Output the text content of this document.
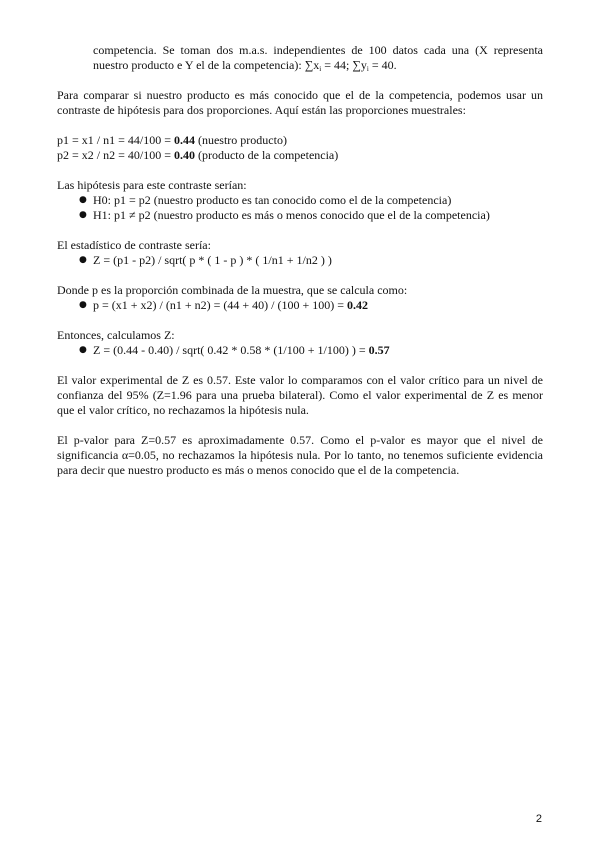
competencia. Se toman dos m.a.s. independientes de 100 datos cada una (X representa nuestro producto e Y el de la competencia): $\sum x_i = 44$; $\sum y_i = 40$.

Para comparar si nuestro producto es más conocido que el de la competencia, podemos usar un contraste de hipótesis para dos proporciones. Aquí están las proporciones muestrales:

p1 = x1 / n1 = 44/100 = 0.44 (nuestro producto)

p2 = x2 / n2 = 40/100 = 0.40 (producto de la competencia)

Las hipótesis para este contraste serían:

● H0: p1 = p2 (nuestro producto es tan conocido como el de la competencia)
● H1: p1 ≠ p2 (nuestro producto es más o menos conocido que el de la competencia)

El estadístico de contraste sería:

● Z = (p1 - p2) / sqrt( p * ( 1 - p ) * ( 1/n1 + 1/n2 ) )

Donde p es la proporción combinada de la muestra, que se calcula como:

● p = (x1 + x2) / (n1 + n2) = (44 + 40) / (100 + 100) = 0.42

Entonces, calculamos Z:

● Z = (0.44 - 0.40) / sqrt( 0.42 * 0.58 * (1/100 + 1/100) ) = 0.57

El valor experimental de Z es 0.57. Este valor lo comparamos con el valor crítico para un nivel de confianza del 95% (Z=1.96 para una prueba bilateral). Como el valor experimental de Z es menor que el valor crítico, no rechazamos la hipótesis nula.

El p-valor para Z=0.57 es aproximadamente 0.57. Como el p-valor es mayor que el nivel de significancia α=0.05, no rechazamos la hipótesis nula. Por lo tanto, no tenemos suficiente evidencia para decir que nuestro producto es más o menos conocido que el de la competencia.

2
